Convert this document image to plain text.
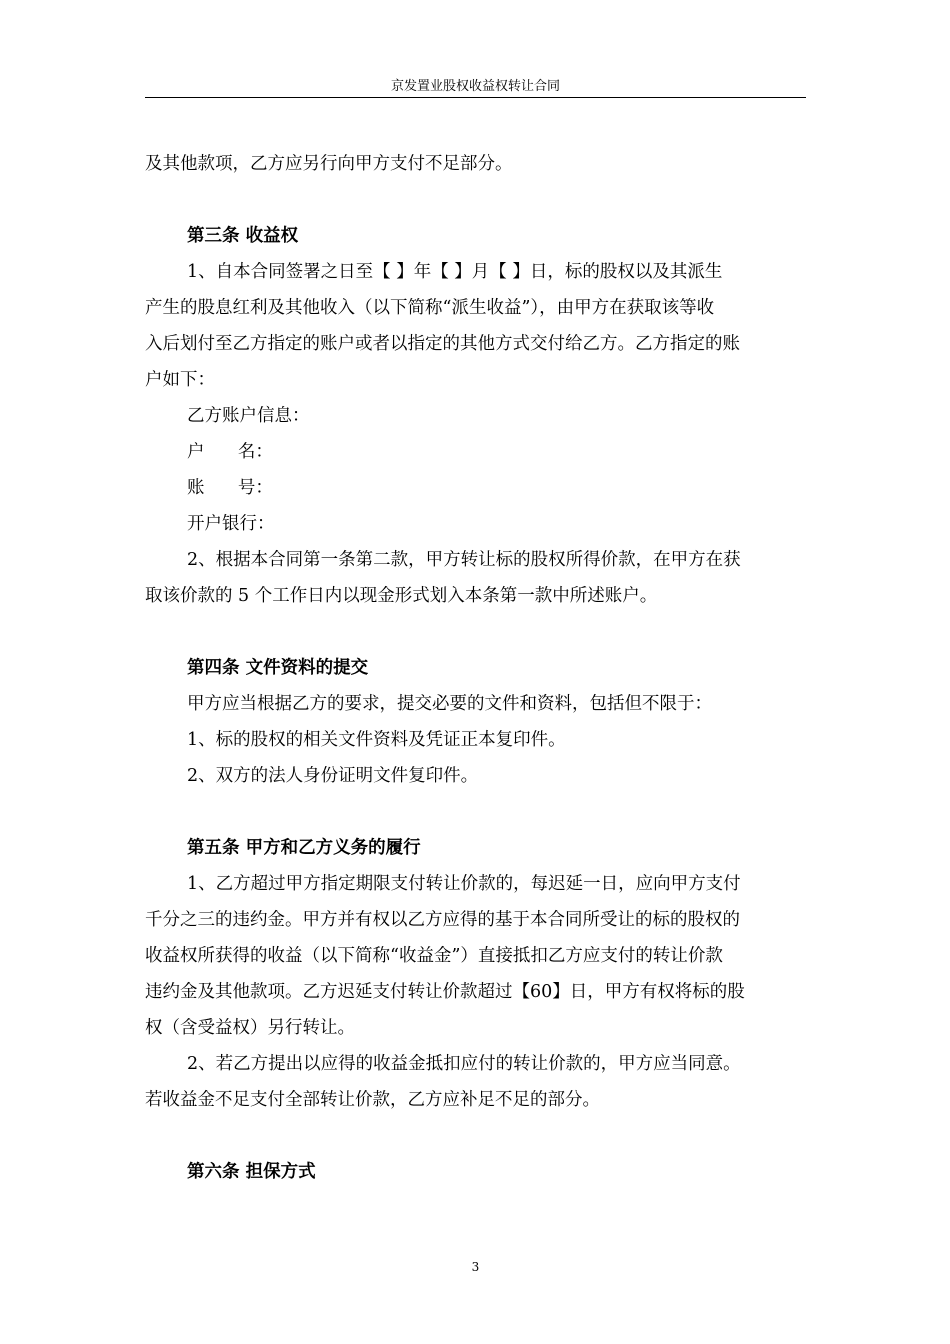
京发置业股权收益权转让合同

及其他款项，乙方应另行向甲方支付不足部分。

第三条 收益权

1、自本合同签署之日至【 】年【 】月【 】日，标的股权以及其派生

产生的股息红利及其他收入（以下简称“派生收益”），由甲方在获取该等收

入后划付至乙方指定的账户或者以指定的其他方式交付给乙方。乙方指定的账

户如下：

乙方账户信息：

户      名：

账      号：

开户银行：

2、根据本合同第一条第二款，甲方转让标的股权所得价款，在甲方在获

取该价款的 5 个工作日内以现金形式划入本条第一款中所述账户。

第四条 文件资料的提交

甲方应当根据乙方的要求，提交必要的文件和资料，包括但不限于：

1、标的股权的相关文件资料及凭证正本复印件。

2、双方的法人身份证明文件复印件。

第五条 甲方和乙方义务的履行

1、乙方超过甲方指定期限支付转让价款的，每迟延一日，应向甲方支付

千分之三的违约金。甲方并有权以乙方应得的基于本合同所受让的标的股权的

收益权所获得的收益（以下简称“收益金”）直接抵扣乙方应支付的转让价款

违约金及其他款项。乙方迟延支付转让价款超过【60】日，甲方有权将标的股

权（含受益权）另行转让。

2、若乙方提出以应得的收益金抵扣应付的转让价款的，甲方应当同意。

若收益金不足支付全部转让价款，乙方应补足不足的部分。

第六条 担保方式

3
